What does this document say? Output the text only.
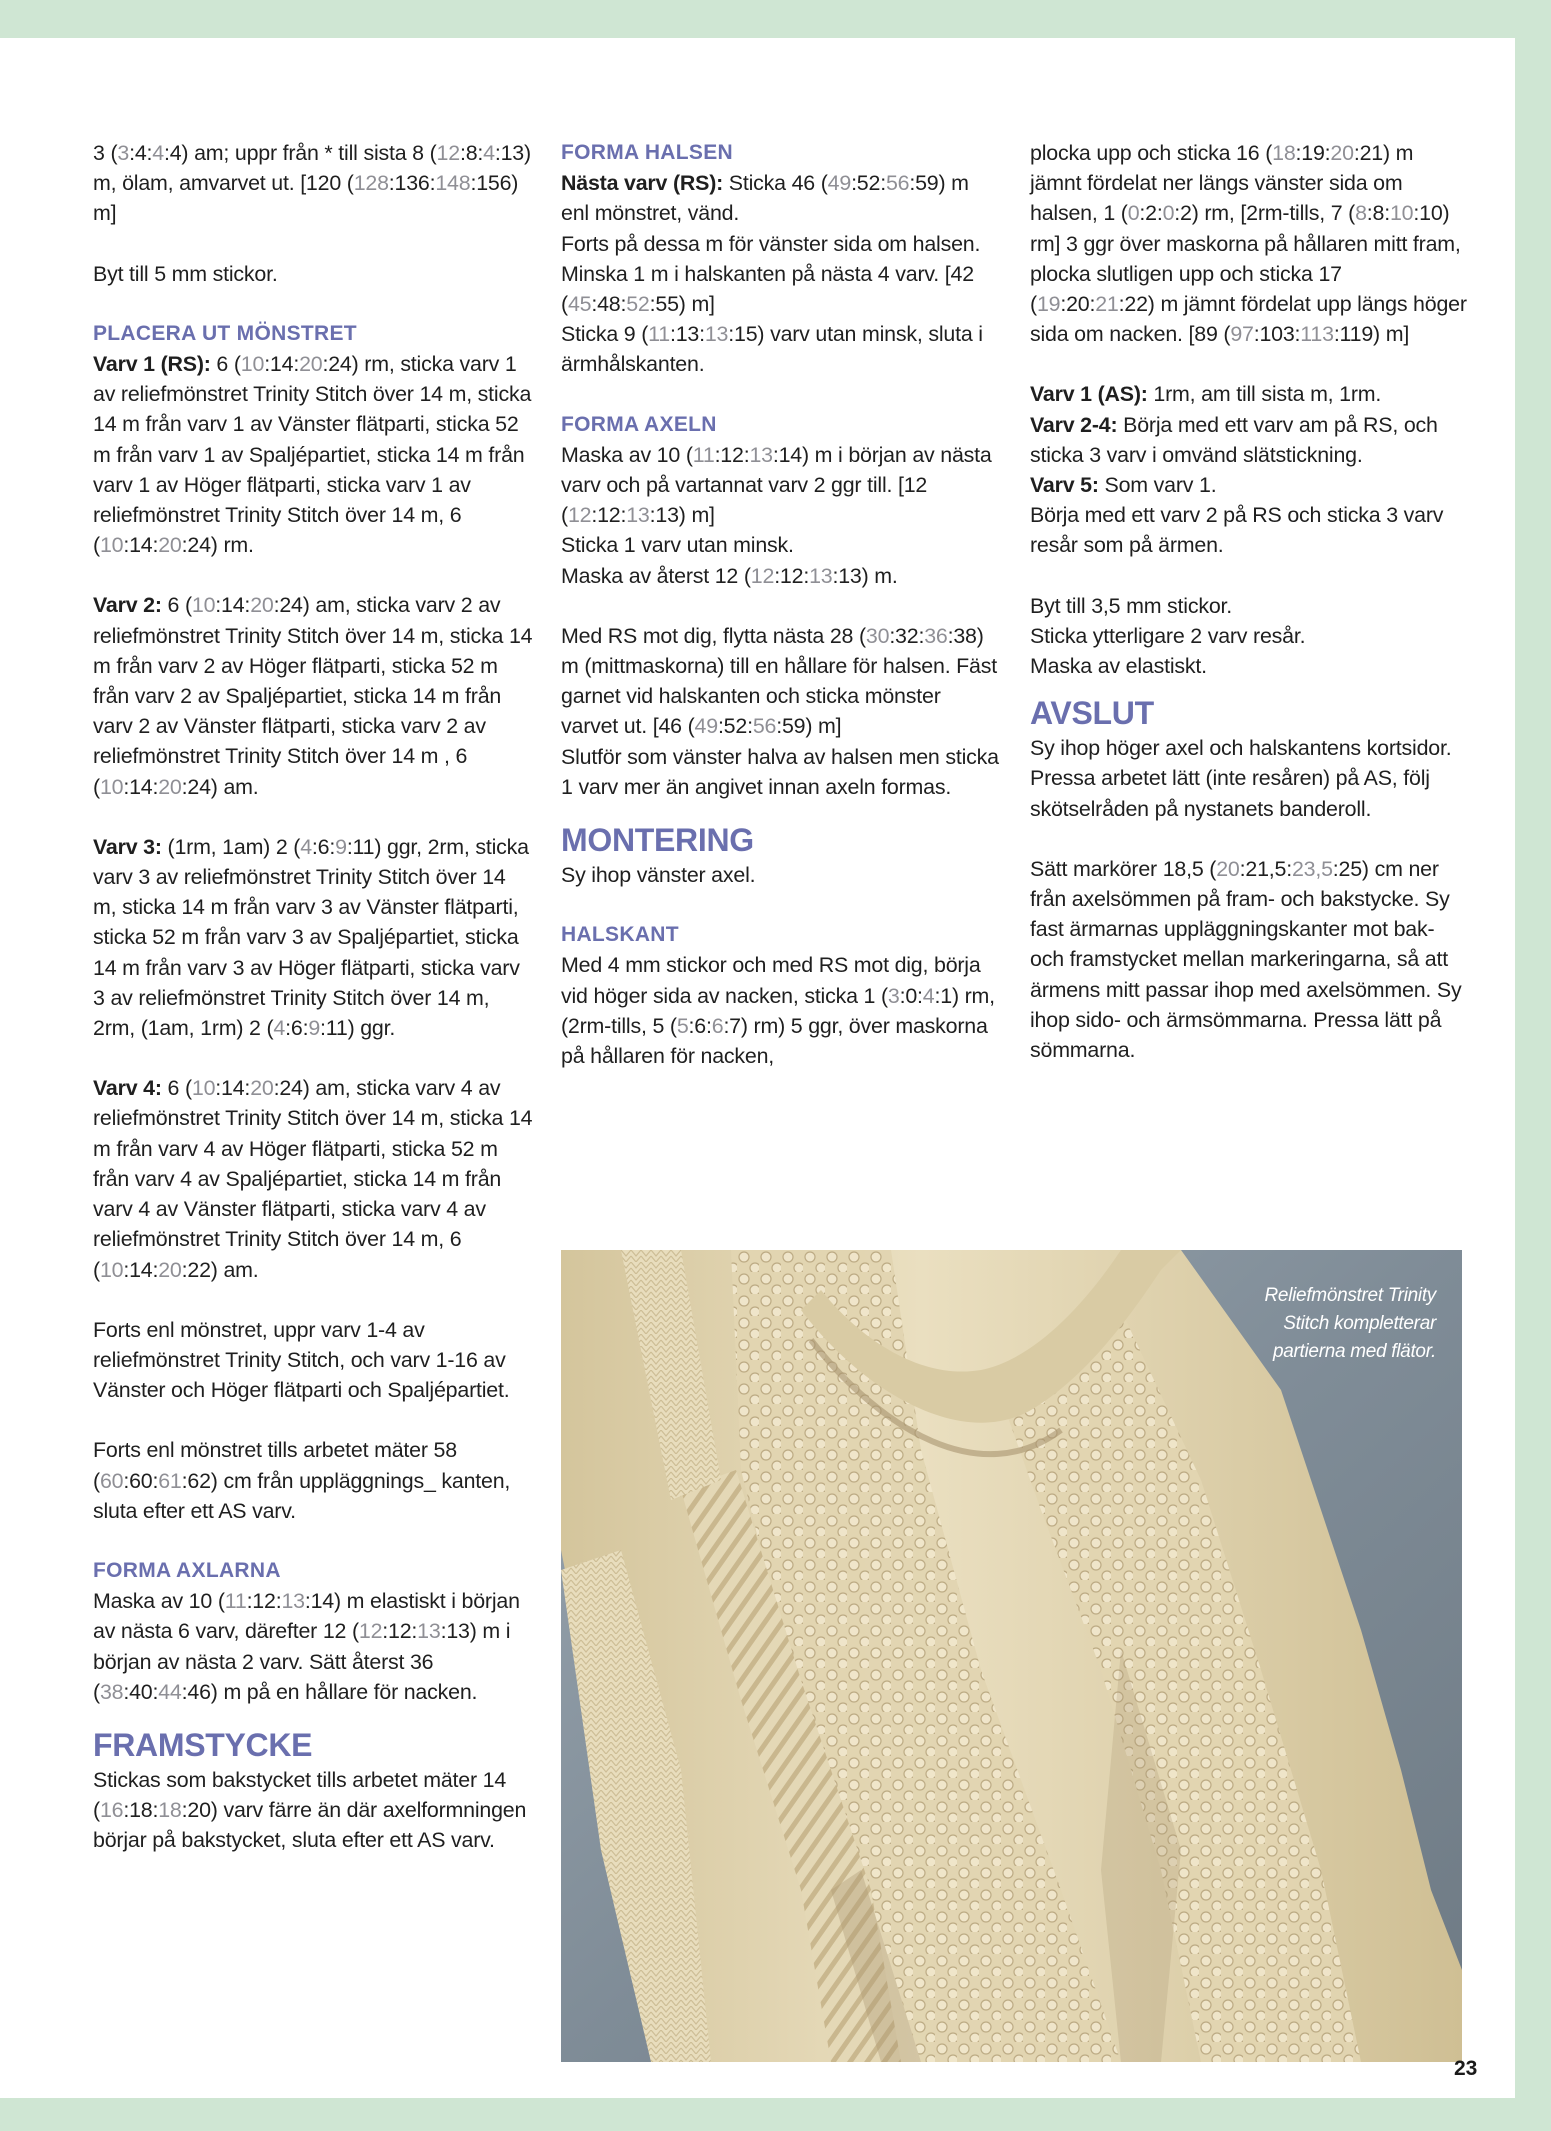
3 (3:4:4:4) am; uppr från * till sista 8 (12:8:4:13) m, ölam, amvarvet ut. [120 (128:136:148:156) m]

Byt till 5 mm stickor.

PLACERA UT MÖNSTRET

Varv 1 (RS): 6 (10:14:20:24) rm, sticka varv 1 av reliefmönstret Trinity Stitch över 14 m, sticka 14 m från varv 1 av Vänster flätparti, sticka 52 m från varv 1 av Spaljépartiet, sticka 14 m från varv 1 av Höger flätparti, sticka varv 1 av reliefmönstret Trinity Stitch över 14 m, 6 (10:14:20:24) rm.

Varv 2: 6 (10:14:20:24) am, sticka varv 2 av reliefmönstret Trinity Stitch över 14 m, sticka 14 m från varv 2 av Höger flätparti, sticka 52 m från varv 2 av Spaljépartiet, sticka 14 m från varv 2 av Vänster flätparti, sticka varv 2 av reliefmönstret Trinity Stitch över 14 m , 6 (10:14:20:24) am.

Varv 3: (1rm, 1am) 2 (4:6:9:11) ggr, 2rm, sticka varv 3 av reliefmönstret Trinity Stitch över 14 m, sticka 14 m från varv 3 av Vänster flätparti, sticka 52 m från varv 3 av Spaljépartiet, sticka 14 m från varv 3 av Höger flätparti, sticka varv 3 av reliefmönstret Trinity Stitch över 14 m, 2rm, (1am, 1rm) 2 (4:6:9:11) ggr.

Varv 4: 6 (10:14:20:24) am, sticka varv 4 av reliefmönstret Trinity Stitch över 14 m, sticka 14 m från varv 4 av Höger flätparti, sticka 52 m från varv 4 av Spaljépartiet, sticka 14 m från varv 4 av Vänster flätparti, sticka varv 4 av reliefmönstret Trinity Stitch över 14 m, 6 (10:14:20:22) am.

Forts enl mönstret, uppr varv 1-4 av reliefmönstret Trinity Stitch, och varv 1-16 av Vänster och Höger flätparti och Spaljépartiet.

Forts enl mönstret tills arbetet mäter 58 (60:60:61:62) cm från uppläggnings_ kanten, sluta efter ett AS varv.

FORMA AXLARNA

Maska av 10 (11:12:13:14) m elastiskt i början av nästa 6 varv, därefter 12 (12:12:13:13) m i början av nästa 2 varv. Sätt återst 36 (38:40:44:46) m på en hållare för nacken.

FRAMSTYCKE

Stickas som bakstycket tills arbetet mäter 14 (16:18:18:20) varv färre än där axelformningen börjar på bakstycket, sluta efter ett AS varv.

FORMA HALSEN

Nästa varv (RS): Sticka 46 (49:52:56:59) m enl mönstret, vänd.

Forts på dessa m för vänster sida om halsen.

Minska 1 m i halskanten på nästa 4 varv. [42 (45:48:52:55) m]

Sticka 9 (11:13:13:15) varv utan minsk, sluta i ärmhålskanten.

FORMA AXELN

Maska av 10 (11:12:13:14) m i början av nästa varv och på vartannat varv 2 ggr till. [12 (12:12:13:13) m]

Sticka 1 varv utan minsk.

Maska av återst 12 (12:12:13:13) m.

Med RS mot dig, flytta nästa 28 (30:32:36:38) m (mittmaskorna) till en hållare för halsen. Fäst garnet vid halskanten och sticka mönster varvet ut. [46 (49:52:56:59) m]

Slutför som vänster halva av halsen men sticka 1 varv mer än angivet innan axeln formas.

MONTERING

Sy ihop vänster axel.

HALSKANT

Med 4 mm stickor och med RS mot dig, börja vid höger sida av nacken, sticka 1 (3:0:4:1) rm, (2rm-tills, 5 (5:6:6:7) rm) 5 ggr, över maskorna på hållaren för nacken,

plocka upp och sticka 16 (18:19:20:21) m jämnt fördelat ner längs vänster sida om halsen, 1 (0:2:0:2) rm, [2rm-tills, 7 (8:8:10:10) rm] 3 ggr över maskorna på hållaren mitt fram, plocka slutligen upp och sticka 17 (19:20:21:22) m jämnt fördelat upp längs höger sida om nacken. [89 (97:103:113:119) m]

Varv 1 (AS): 1rm, am till sista m, 1rm.

Varv 2-4: Börja med ett varv am på RS, och sticka 3 varv i omvänd slätstickning.

Varv 5: Som varv 1.

Börja med ett varv 2 på RS och sticka 3 varv resår som på ärmen.

Byt till 3,5 mm stickor.

Sticka ytterligare 2 varv resår.

Maska av elastiskt.

AVSLUT

Sy ihop höger axel och halskantens kortsidor. Pressa arbetet lätt (inte resåren) på AS, följ skötselråden på nystanets banderoll.

Sätt markörer 18,5 (20:21,5:23,5:25) cm ner från axelsömmen på fram- och bakstycke. Sy fast ärmarnas uppläggningskanter mot bak- och framstycket mellan markeringarna, så att ärmens mitt passar ihop med axelsömmen. Sy ihop sido- och ärmsömmarna. Pressa lätt på sömmarna.

Reliefmönstret Trinity Stitch kompletterar partierna med flätor.
23
